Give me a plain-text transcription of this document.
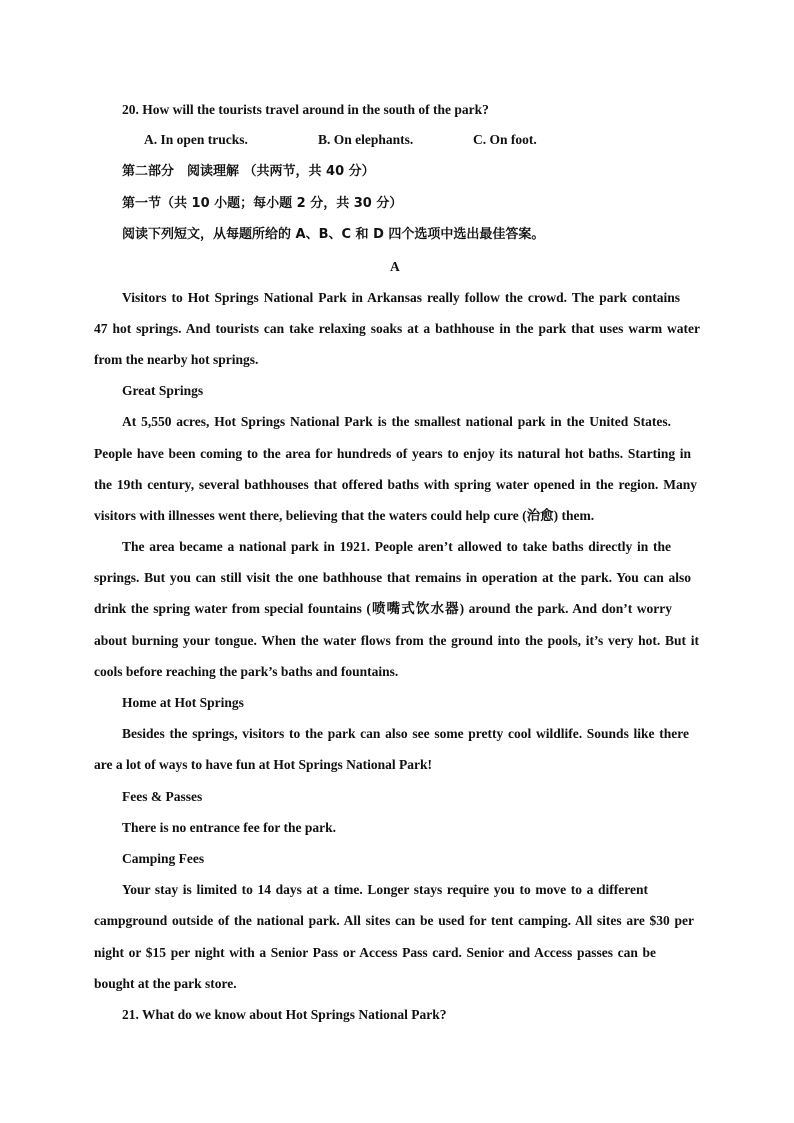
20. How will the tourists travel around in the south of the park?
A. In open trucks.	B. On elephants.	C. On foot.
第二部分　阅读理解 （共两节，共 40 分）
第一节（共 10 小题；每小题 2 分，共 30 分）
阅读下列短文，从每题所给的 A、B、C 和 D 四个选项中选出最佳答案。
A
Visitors to Hot Springs National Park in Arkansas really follow the crowd. The park contains
47 hot springs. And tourists can take relaxing soaks at a bathhouse in the park that uses warm water
from the nearby hot springs.
Great Springs
At 5,550 acres, Hot Springs National Park is the smallest national park in the United States.
People have been coming to the area for hundreds of years to enjoy its natural hot baths. Starting in
the 19th century, several bathhouses that offered baths with spring water opened in the region. Many
visitors with illnesses went there, believing that the waters could help cure (治愈) them.
The area became a national park in 1921. People aren’t allowed to take baths directly in the
springs. But you can still visit the one bathhouse that remains in operation at the park. You can also
drink the spring water from special fountains (喷嘴式饮水器) around the park. And don’t worry
about burning your tongue. When the water flows from the ground into the pools, it’s very hot. But it
cools before reaching the park’s baths and fountains.
Home at Hot Springs
Besides the springs, visitors to the park can also see some pretty cool wildlife. Sounds like there
are a lot of ways to have fun at Hot Springs National Park!
Fees & Passes
There is no entrance fee for the park.
Camping Fees
Your stay is limited to 14 days at a time. Longer stays require you to move to a different
campground outside of the national park. All sites can be used for tent camping. All sites are $30 per
night or $15 per night with a Senior Pass or Access Pass card. Senior and Access passes can be
bought at the park store.
21. What do we know about Hot Springs National Park?
